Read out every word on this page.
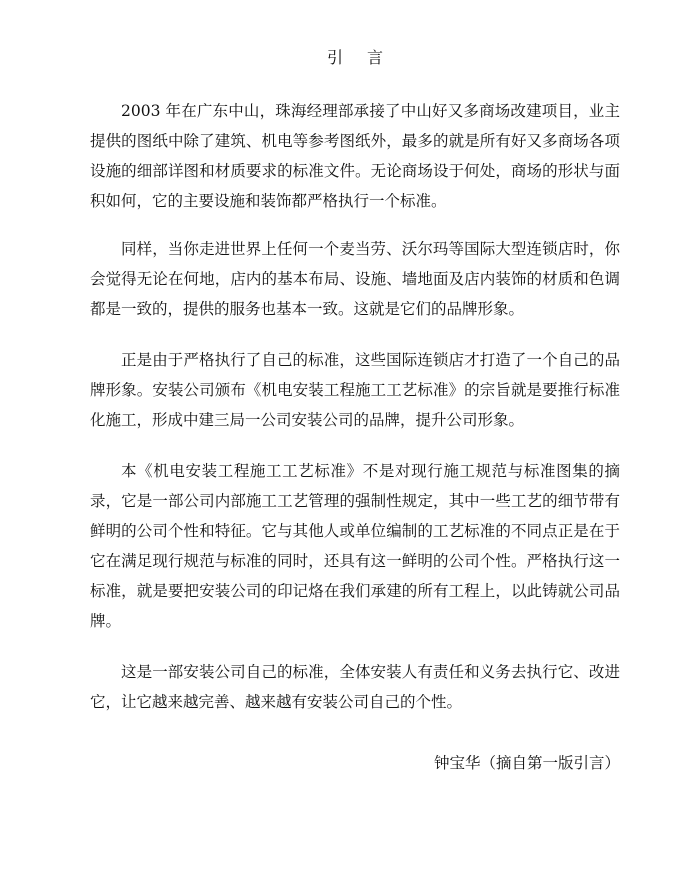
引言

2003 年在广东中山，珠海经理部承接了中山好又多商场改建项目，业主提供的图纸中除了建筑、机电等参考图纸外，最多的就是所有好又多商场各项设施的细部详图和材质要求的标准文件。无论商场设于何处，商场的形状与面积如何，它的主要设施和装饰都严格执行一个标准。

同样，当你走进世界上任何一个麦当劳、沃尔玛等国际大型连锁店时，你会觉得无论在何地，店内的基本布局、设施、墙地面及店内装饰的材质和色调都是一致的，提供的服务也基本一致。这就是它们的品牌形象。

正是由于严格执行了自己的标准，这些国际连锁店才打造了一个自己的品牌形象。安装公司颁布《机电安装工程施工工艺标准》的宗旨就是要推行标准化施工，形成中建三局一公司安装公司的品牌，提升公司形象。

本《机电安装工程施工工艺标准》不是对现行施工规范与标准图集的摘录，它是一部公司内部施工工艺管理的强制性规定，其中一些工艺的细节带有鲜明的公司个性和特征。它与其他人或单位编制的工艺标准的不同点正是在于它在满足现行规范与标准的同时，还具有这一鲜明的公司个性。严格执行这一标准，就是要把安装公司的印记烙在我们承建的所有工程上，以此铸就公司品牌。

这是一部安装公司自己的标准，全体安装人有责任和义务去执行它、改进它，让它越来越完善、越来越有安装公司自己的个性。

钟宝华（摘自第一版引言）
